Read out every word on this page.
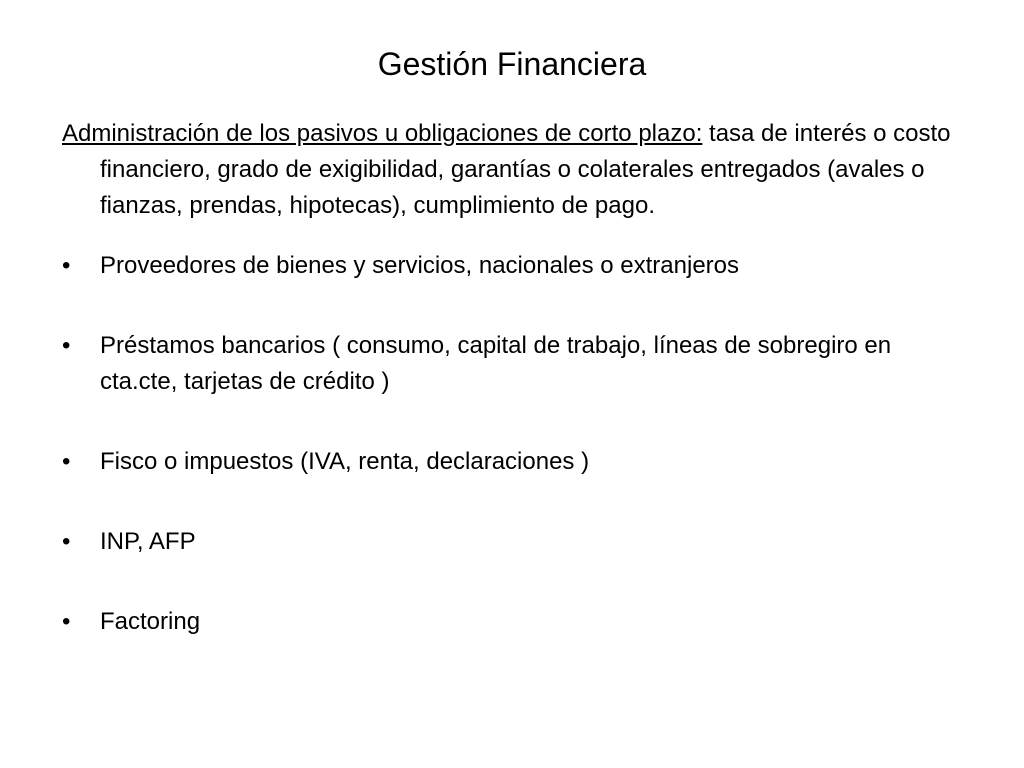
Gestión Financiera

Administración de los pasivos u obligaciones de corto plazo: tasa de interés o costo financiero, grado de exigibilidad, garantías o colaterales entregados (avales o fianzas, prendas, hipotecas), cumplimiento de pago.

•	Proveedores de bienes y servicios, nacionales o extranjeros
•	Préstamos bancarios ( consumo, capital de trabajo, líneas de sobregiro en cta.cte, tarjetas de crédito )
•	Fisco o impuestos (IVA, renta, declaraciones )
•	INP, AFP
•	Factoring
